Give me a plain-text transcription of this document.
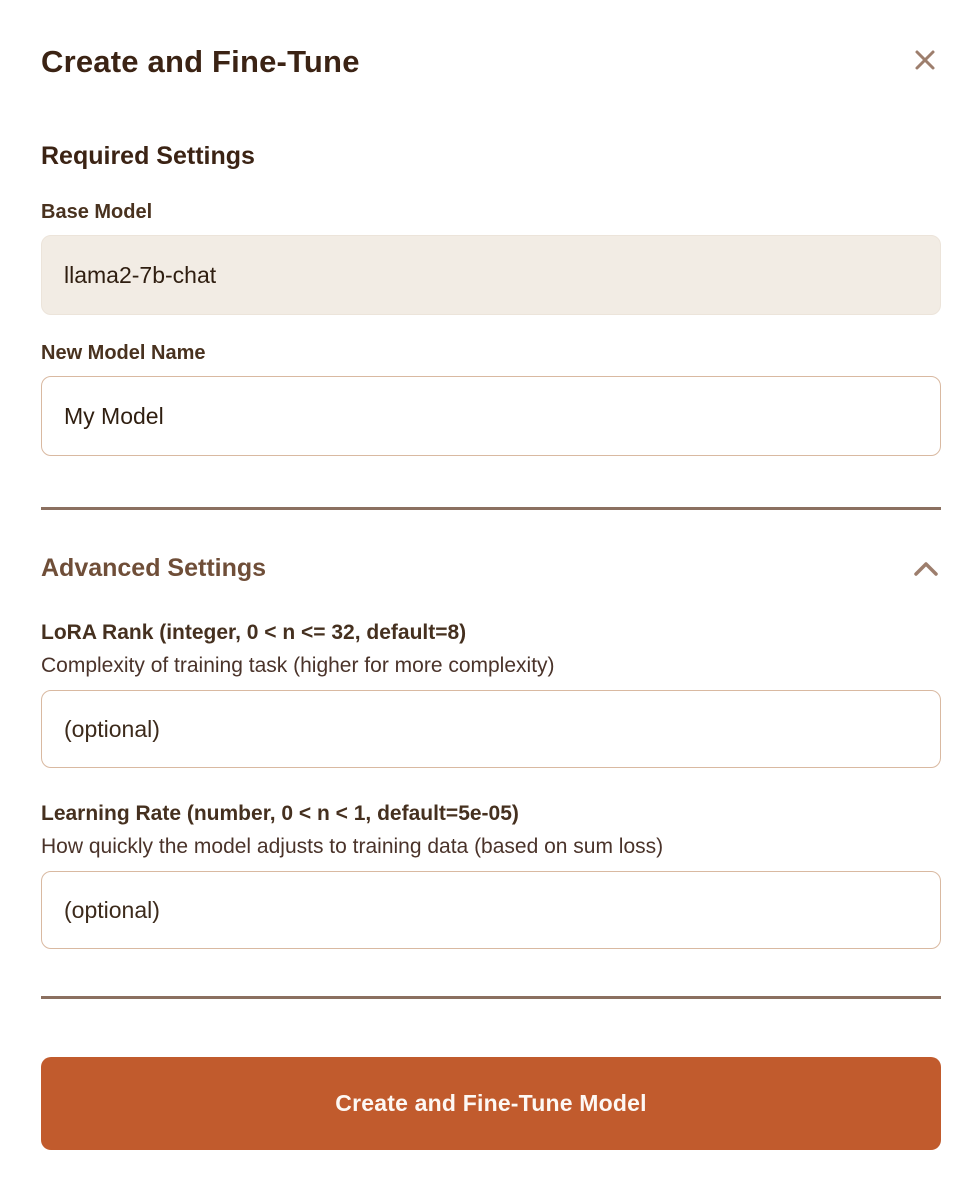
Create and Fine-Tune
Required Settings
Base Model
llama2-7b-chat
New Model Name
My Model
Advanced Settings
LoRA Rank (integer, 0 < n <= 32, default=8)
Complexity of training task (higher for more complexity)
(optional)
Learning Rate (number, 0 < n < 1, default=5e-05)
How quickly the model adjusts to training data (based on sum loss)
(optional)
Create and Fine-Tune Model
